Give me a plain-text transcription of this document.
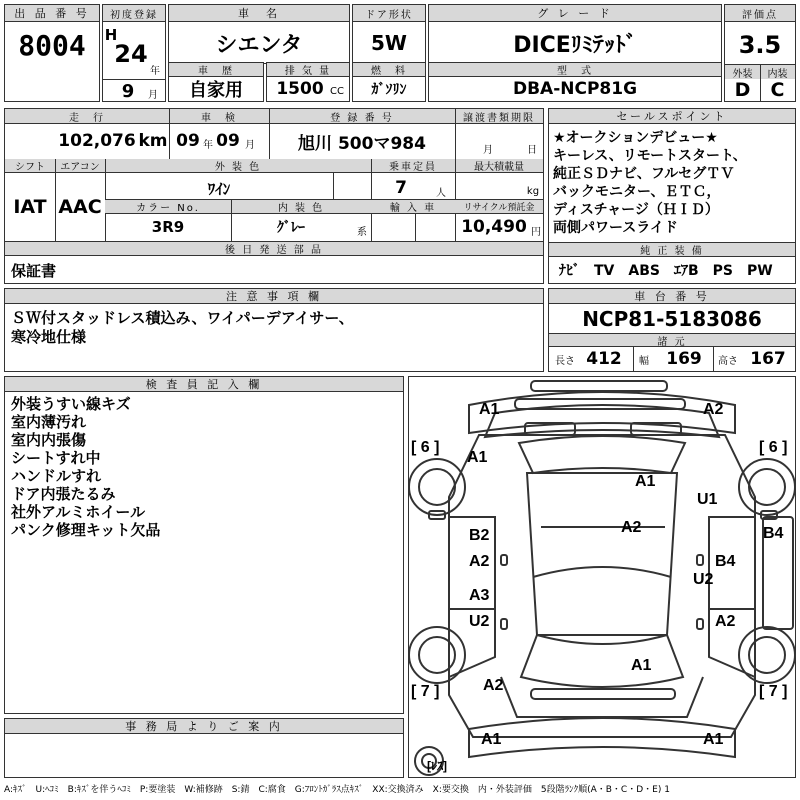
出 品 番 号
8004
初度登録
H
24
年
9	月
車　名
シエンタ
ドア形状
5W
グ レ ー ド
DICEﾘﾐﾃｯﾄﾞ
評価点
3.5
外装	内装
D	C
車　歴
自家用
排 気 量
1500 CC
燃　料
ｶﾞｿﾘﾝ
型　式
DBA-NCP81G
走　行	車　検	登 録 番 号	譲渡書類期限
102,076 km 09 年 09 月	旭川 500マ984	月	日
シフト	エアコン	外 装 色	乗車定員	最大積載量
IAT AAC
ﾜｲﾝ	7	人	kg
カラー No.	内 装 色	輸 入 車	リサイクル預託金
3R9	ｸﾞﾚｰ	系	10,490 円
後 日 発 送 部 品
保証書
セールスポイント
★オークションデビュー★
キーレス、リモートスタート、
純正ＳＤナビ、フルセグＴＶ
バックモニター、ＥＴＣ，
ディスチャージ（ＨＩＤ）
両側パワースライド
純 正 装 備
ﾅﾋﾞ　TV　ABS　ｴｱB　PS　PW
注 意 事 項 欄
ＳＷ付スタッドレス積込み、ワイパーデアイサー、
寒冷地仕様
車 台 番 号
NCP81-5183086
諸 元
長さ 412	幅	169	高さ 167
検 査 員 記 入 欄
外装うすい線キズ
室内薄汚れ
室内内張傷
シートすれ中
ハンドルすれ
ドア内張たるみ
社外アルミホイール
パンク修理キット欠品
事 務 局 よ り ご 案 内
[ 6 ]	[ 6 ]
[ 7 ]	[ 7 ]
[ﾚｽ]
A1	A2
A1
A1
U1
A2
B2
A2
B4
B4
U2
A3
U2	A2
A1
A2
A1	A1
A:ｷｽﾞ　U:ﾍｺﾐ　B:ｷｽﾞを伴うﾍｺﾐ　P:要塗装　W:補修跡　S:錆　C:腐食　G:ﾌﾛﾝﾄｶﾞﾗｽ点ｷｽﾞ　XX:交換済み　X:要交換　内・外装評価　5段階ﾗﾝｸ順(A・B・C・D・E) 1
